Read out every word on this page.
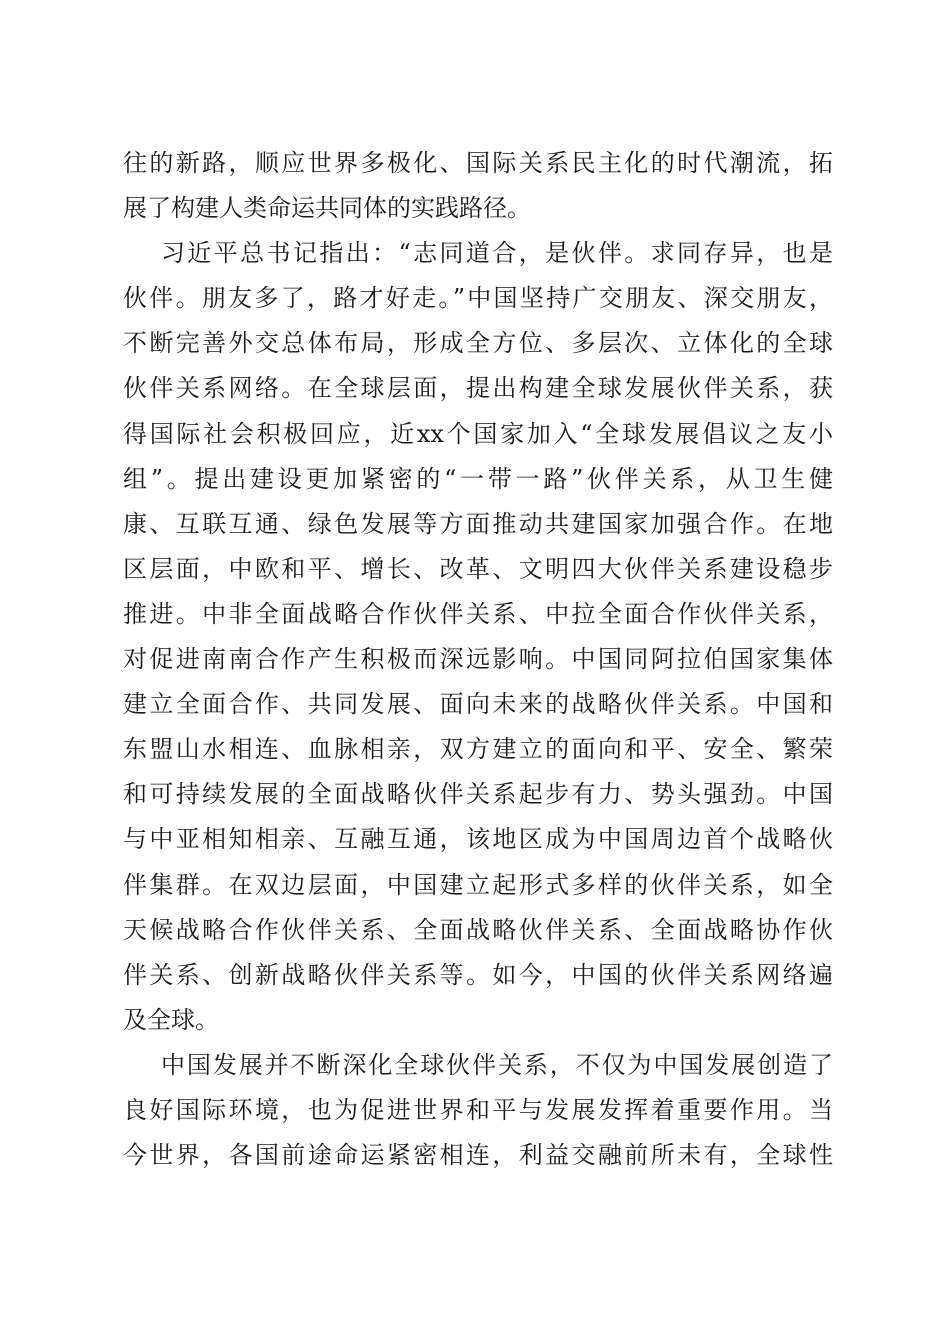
往的新路，顺应世界多极化、国际关系民主化的时代潮流，拓
展了构建人类命运共同体的实践路径。
习近平总书记指出：“志同道合，是伙伴。求同存异，也是
伙伴。朋友多了，路才好走。”中国坚持广交朋友、深交朋友，
不断完善外交总体布局，形成全方位、多层次、立体化的全球
伙伴关系网络。在全球层面，提出构建全球发展伙伴关系，获
得国际社会积极回应，近xx个国家加入“全球发展倡议之友小
组”。提出建设更加紧密的“一带一路”伙伴关系，从卫生健
康、互联互通、绿色发展等方面推动共建国家加强合作。在地
区层面，中欧和平、增长、改革、文明四大伙伴关系建设稳步
推进。中非全面战略合作伙伴关系、中拉全面合作伙伴关系，
对促进南南合作产生积极而深远影响。中国同阿拉伯国家集体
建立全面合作、共同发展、面向未来的战略伙伴关系。中国和
东盟山水相连、血脉相亲，双方建立的面向和平、安全、繁荣
和可持续发展的全面战略伙伴关系起步有力、势头强劲。中国
与中亚相知相亲、互融互通，该地区成为中国周边首个战略伙
伴集群。在双边层面，中国建立起形式多样的伙伴关系，如全
天候战略合作伙伴关系、全面战略伙伴关系、全面战略协作伙
伴关系、创新战略伙伴关系等。如今，中国的伙伴关系网络遍
及全球。
中国发展并不断深化全球伙伴关系，不仅为中国发展创造了
良好国际环境，也为促进世界和平与发展发挥着重要作用。当
今世界，各国前途命运紧密相连，利益交融前所未有，全球性
